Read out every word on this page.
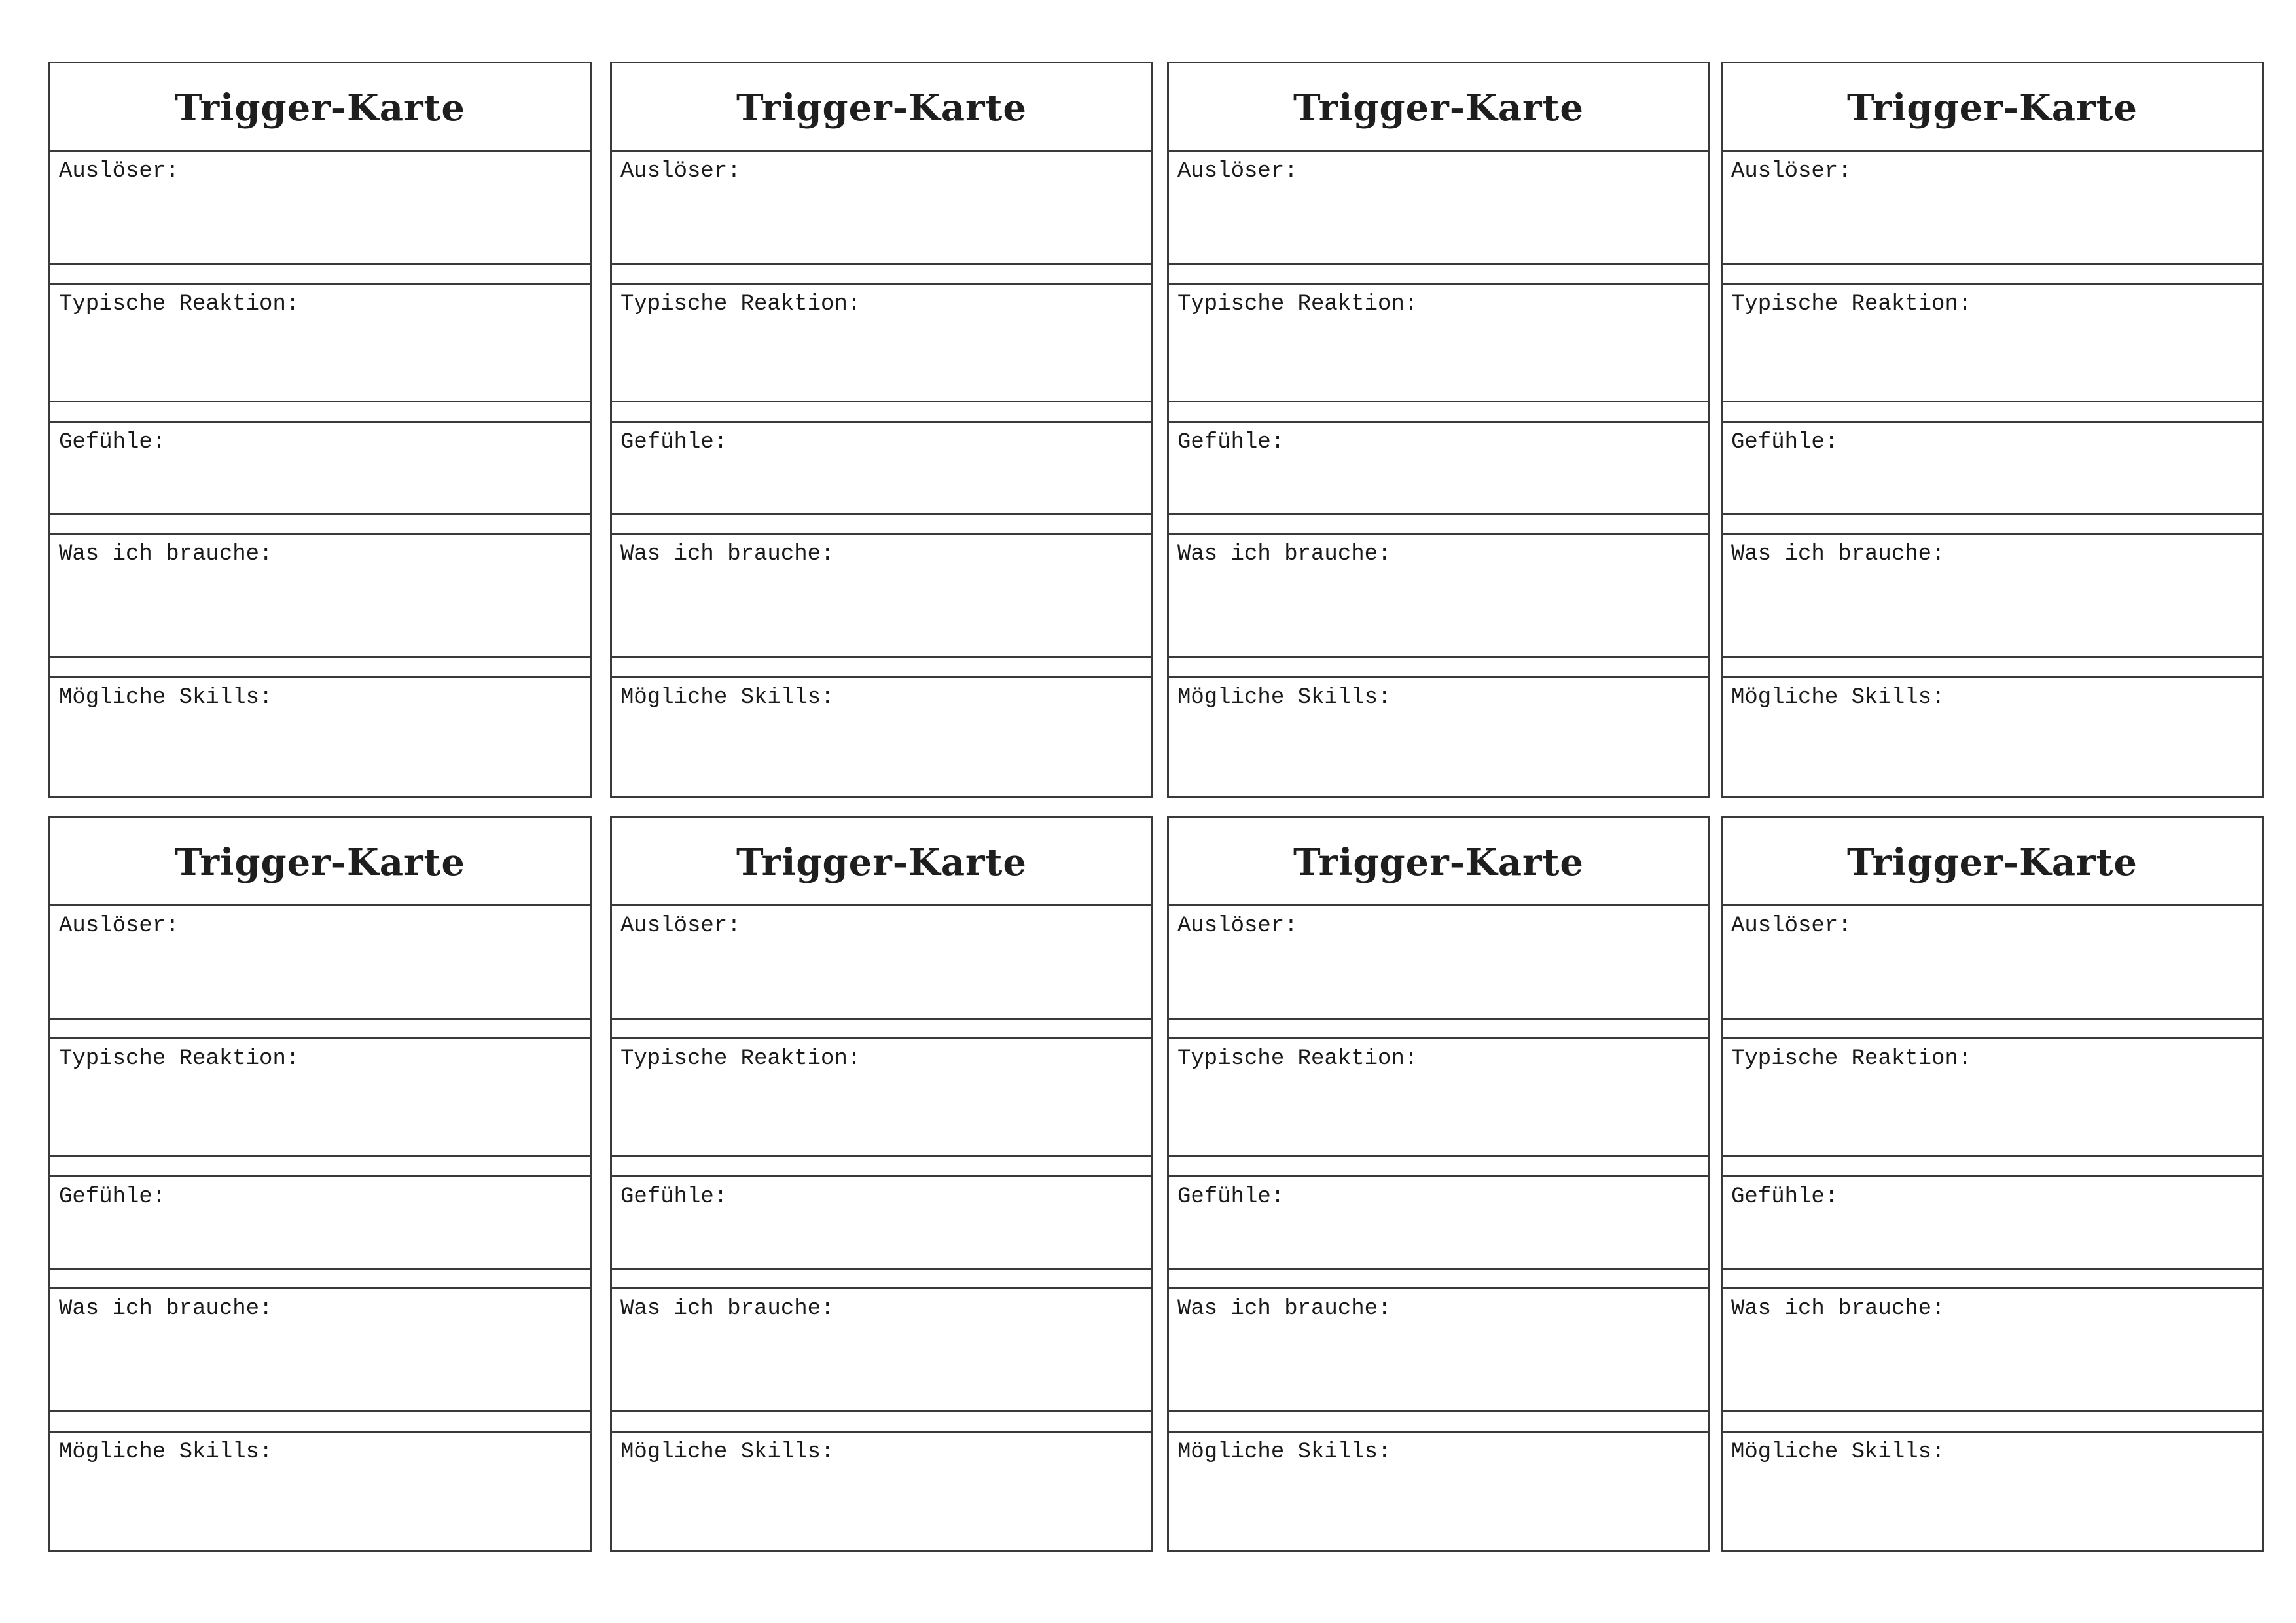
Trigger-Karte
Auslöser:
Typische Reaktion:
Gefühle:
Was ich brauche:
Mögliche Skills:
Trigger-Karte
Auslöser:
Typische Reaktion:
Gefühle:
Was ich brauche:
Mögliche Skills:
Trigger-Karte
Auslöser:
Typische Reaktion:
Gefühle:
Was ich brauche:
Mögliche Skills:
Trigger-Karte
Auslöser:
Typische Reaktion:
Gefühle:
Was ich brauche:
Mögliche Skills:
Trigger-Karte
Auslöser:
Typische Reaktion:
Gefühle:
Was ich brauche:
Mögliche Skills:
Trigger-Karte
Auslöser:
Typische Reaktion:
Gefühle:
Was ich brauche:
Mögliche Skills:
Trigger-Karte
Auslöser:
Typische Reaktion:
Gefühle:
Was ich brauche:
Mögliche Skills:
Trigger-Karte
Auslöser:
Typische Reaktion:
Gefühle:
Was ich brauche:
Mögliche Skills:
